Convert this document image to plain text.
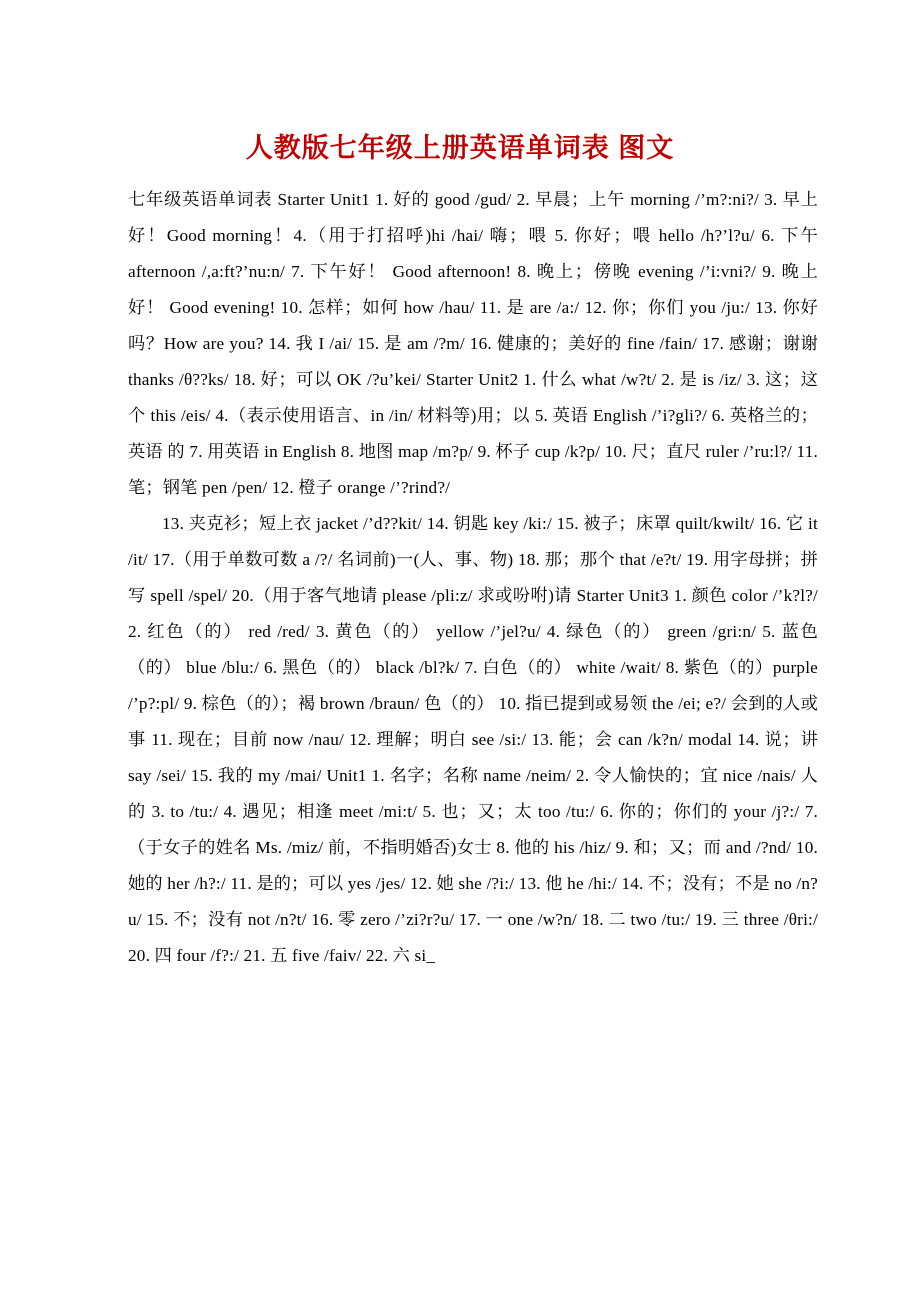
人教版七年级上册英语单词表 图文

七年级英语单词表 Starter Unit1 1. 好的 good /gud/ 2. 早晨；上午 morning /’m?:ni?/ 3. 早上好！Good morning！4.（用于打招呼)hi /hai/ 嗨；喂 5. 你好；喂 hello /h?’l?u/ 6. 下午 afternoon /,a:ft?’nu:n/ 7. 下午好！ Good afternoon! 8. 晚上；傍晚 evening /’i:vni?/ 9. 晚上好！ Good evening! 10. 怎样；如何 how /hau/ 11. 是 are /a:/ 12. 你；你们 you /ju:/ 13. 你好吗？How are you? 14. 我 I /ai/ 15. 是 am /?m/ 16. 健康的；美好的 fine /fain/ 17. 感谢；谢谢 thanks /θ??ks/ 18. 好；可以 OK /?u’kei/ Starter Unit2 1. 什么 what /w?t/ 2. 是 is /iz/ 3. 这；这个 this /eis/ 4.（表示使用语言、in /in/ 材料等)用；以 5. 英语 English /’i?gli?/ 6. 英格兰的；英语 的 7. 用英语 in English 8. 地图 map /m?p/ 9. 杯子 cup /k?p/ 10. 尺；直尺 ruler /’ru:l?/ 11. 笔；钢笔 pen /pen/ 12. 橙子 orange /’?rind?/

13. 夹克衫；短上衣 jacket /’d??kit/ 14. 钥匙 key /ki:/ 15. 被子；床罩 quilt/kwilt/ 16. 它 it /it/ 17.（用于单数可数 a /?/ 名词前)一(人、事、物) 18. 那；那个 that /e?t/ 19. 用字母拼；拼写 spell /spel/ 20.（用于客气地请 please /pli:z/ 求或吩咐)请 Starter Unit3 1. 颜色 color /’k?l?/ 2. 红色（的） red /red/ 3. 黄色（的） yellow /’jel?u/ 4. 绿色（的） green /gri:n/ 5. 蓝色（的） blue /blu:/ 6. 黑色（的） black /bl?k/ 7. 白色（的） white /wait/ 8. 紫色（的）purple /’p?:pl/ 9. 棕色（的）；褐 brown /braun/ 色（的） 10. 指已提到或易领 the /ei; e?/ 会到的人或事 11. 现在；目前 now /nau/ 12. 理解；明白 see /si:/ 13. 能；会 can /k?n/ modal 14. 说；讲 say /sei/ 15. 我的 my /mai/ Unit1 1. 名字；名称 name /neim/ 2. 令人愉快的；宜 nice /nais/ 人的 3. to /tu:/ 4. 遇见；相逢 meet /mi:t/ 5. 也；又；太 too /tu:/ 6. 你的；你们的 your /j?:/ 7.（于女子的姓名 Ms. /miz/ 前，不指明婚否)女士 8. 他的 his /hiz/ 9. 和；又；而 and /?nd/ 10. 她的 her /h?:/ 11. 是的；可以 yes /jes/ 12. 她 she /?i:/ 13. 他 he /hi:/ 14. 不；没有；不是 no /n?u/ 15. 不；没有 not /n?t/ 16. 零 zero /’zi?r?u/ 17. 一 one /w?n/ 18. 二 two /tu:/ 19. 三 three /θri:/ 20. 四 four /f?:/ 21. 五 five /faiv/ 22. 六 si_
